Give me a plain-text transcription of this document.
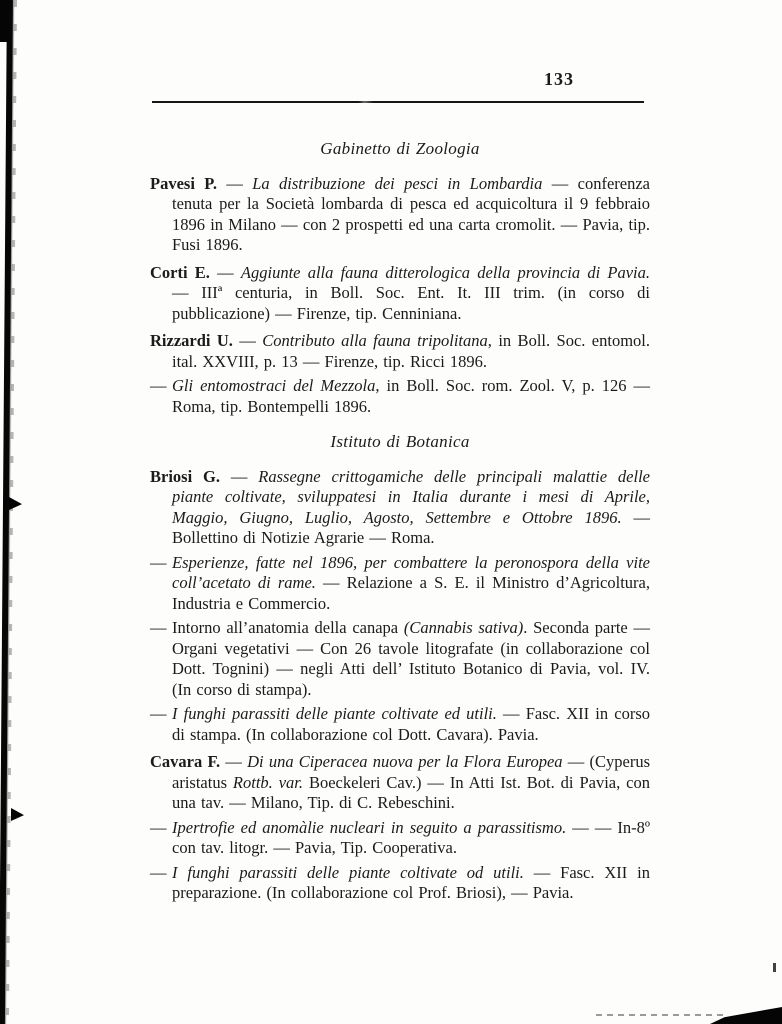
133
Gabinetto di Zoologia

Pavesi P. — La distribuzione dei pesci in Lombardia — conferenza tenuta per la Società lombarda di pesca ed acquicoltura il 9 febbraio 1896 in Milano — con 2 prospetti ed una carta cromolit. — Pavia, tip. Fusi 1896.

Corti E. — Aggiunte alla fauna ditterologica della provincia di Pavia. — IIIª centuria, in Boll. Soc. Ent. It. III trim. (in corso di pubblicazione) — Firenze, tip. Cenniniana.

Rizzardi U. — Contributo alla fauna tripolitana, in Boll. Soc. entomol. ital. XXVIII, p. 13 — Firenze, tip. Ricci 1896.

— Gli entomostraci del Mezzola, in Boll. Soc. rom. Zool. V, p. 126 — Roma, tip. Bontempelli 1896.

Istituto di Botanica

Briosi G. — Rassegne crittogamiche delle principali malattie delle piante coltivate, sviluppatesi in Italia durante i mesi di Aprile, Maggio, Giugno, Luglio, Agosto, Settembre e Ottobre 1896. — Bollettino di Notizie Agrarie — Roma.

— Esperienze, fatte nel 1896, per combattere la peronospora della vite coll’acetato di rame. — Relazione a S. E. il Ministro d’Agricoltura, Industria e Commercio.

— Intorno all’anatomia della canapa (Cannabis sativa). Seconda parte — Organi vegetativi — Con 26 tavole litografate (in collaborazione col Dott. Tognini) — negli Atti dell’ Istituto Botanico di Pavia, vol. IV. (In corso di stampa).

— I funghi parassiti delle piante coltivate ed utili. — Fasc. XII in corso di stampa. (In collaborazione col Dott. Cavara). Pavia.

Cavara F. — Di una Ciperacea nuova per la Flora Europea — (Cyperus aristatus Rottb. var. Boeckeleri Cav.) — In Atti Ist. Bot. di Pavia, con una tav. — Milano, Tip. di C. Rebeschini.

— Ipertrofie ed anomàlie nucleari in seguito a parassitismo. — — In-8º con tav. litogr. — Pavia, Tip. Cooperativa.

— I funghi parassiti delle piante coltivate od utili. — Fasc. XII in preparazione. (In collaborazione col Prof. Briosi), — Pavia.
